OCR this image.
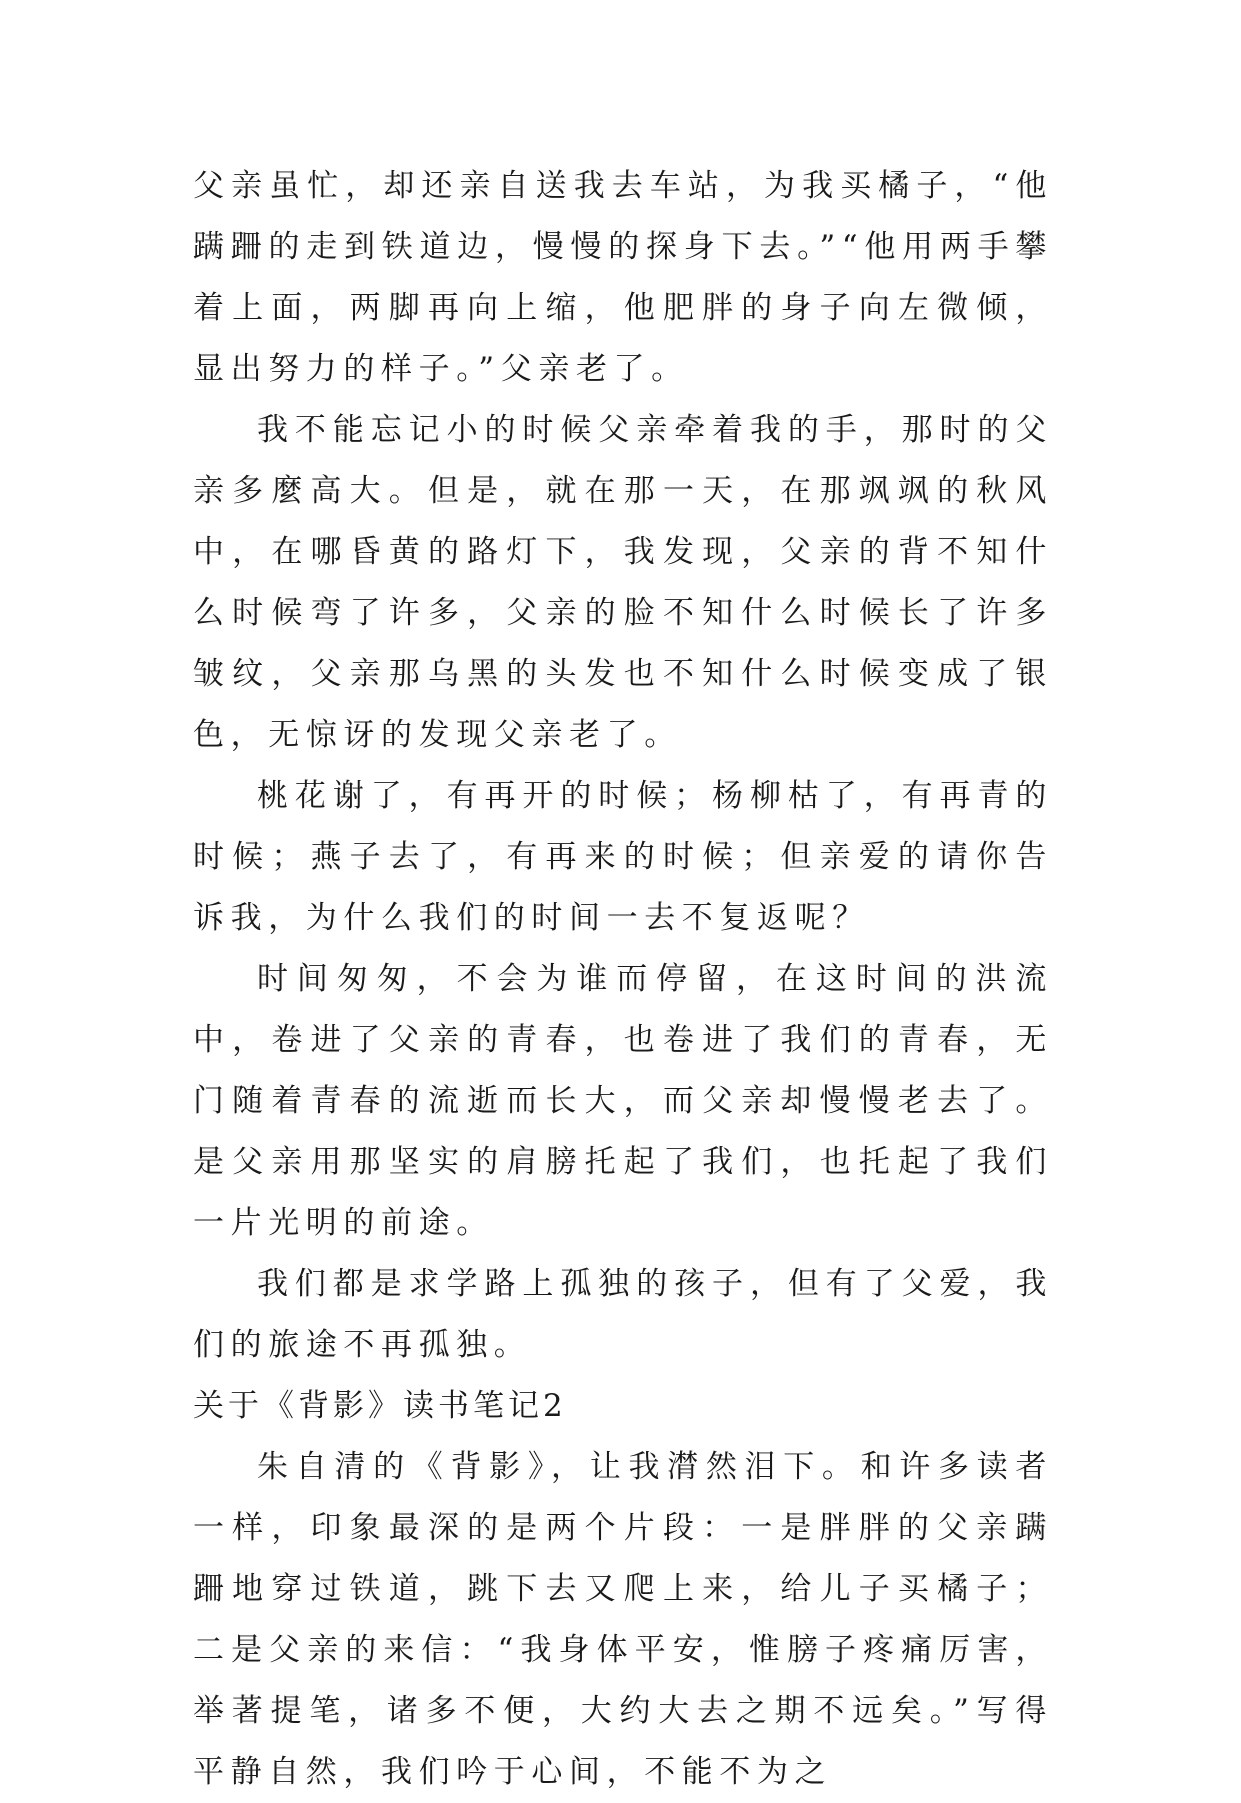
父亲虽忙，却还亲自送我去车站，为我买橘子，“他蹒跚的走到铁道边，慢慢的探身下去。”“他用两手攀着上面，两脚再向上缩，他肥胖的身子向左微倾，显出努力的样子。”父亲老了。

我不能忘记小的时候父亲牵着我的手，那时的父亲多麼高大。但是，就在那一天，在那飒飒的秋风中，在哪昏黄的路灯下，我发现，父亲的背不知什么时候弯了许多，父亲的脸不知什么时候长了许多皱纹，父亲那乌黑的头发也不知什么时候变成了银色，无惊讶的发现父亲老了。

桃花谢了，有再开的时候；杨柳枯了，有再青的时候；燕子去了，有再来的时候；但亲爱的请你告诉我，为什么我们的时间一去不复返呢？

时间匆匆，不会为谁而停留，在这时间的洪流中，卷进了父亲的青春，也卷进了我们的青春，无门随着青春的流逝而长大，而父亲却慢慢老去了。是父亲用那坚实的肩膀托起了我们，也托起了我们一片光明的前途。

我们都是求学路上孤独的孩子，但有了父爱，我们的旅途不再孤独。

关于《背影》读书笔记2

朱自清的《背影》，让我潸然泪下。和许多读者一样，印象最深的是两个片段：一是胖胖的父亲蹒跚地穿过铁道，跳下去又爬上来，给儿子买橘子；二是父亲的来信：“我身体平安，惟膀子疼痛厉害，举著提笔，诸多不便，大约大去之期不远矣。”写得平静自然，我们吟于心间，不能不为之
